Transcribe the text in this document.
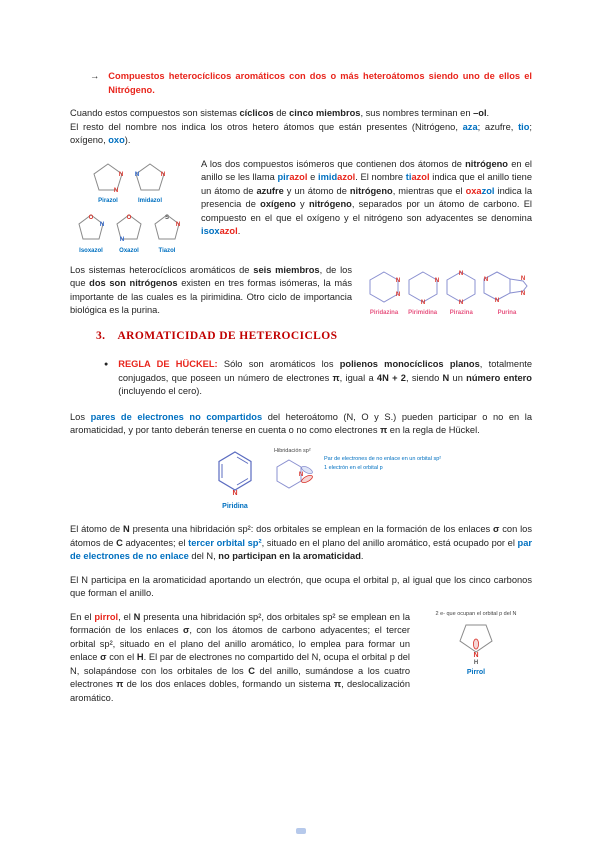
→ Compuestos heterocíclicos aromáticos con dos o más heteroátomos siendo uno de ellos el Nitrógeno.

Cuando estos compuestos son sistemas cíclicos de cinco miembros, sus nombres terminan en –ol.

El resto del nombre nos indica los otros hetero átomos que están presentes (Nitrógeno, aza; azufre, tio; oxígeno, oxo).

N
N
Pirazol
N
N
Imidazol
O
N
Isoxazol
O
N
Oxazol
S
N
Tiazol

A los dos compuestos isómeros que contienen dos átomos de nitrógeno en el anillo se les llama pirazol e imidazol. El nombre tiazol indica que el anillo tiene un átomo de azufre y un átomo de nitrógeno, mientras que el oxazol indica la presencia de oxígeno y nitrógeno, separados por un átomo de carbono. El compuesto en el que el oxígeno y el nitrógeno son adyacentes se denomina isoxazol.

Los sistemas heterocíclicos aromáticos de seis miembros, de los que dos son nitrógenos existen en tres formas isómeras, la más importante de las cuales es la pirimidina. Otro ciclo de importancia biológica es la purina.

N
N
Piridazina
N
N
Pirimidina
N
N
Pirazina
N
N
N
N
Purina
3. AROMATICIDAD DE HETEROCICLOS
● REGLA DE HÜCKEL: Sólo son aromáticos los polienos monocíclicos planos, totalmente conjugados, que poseen un número de electrones π, igual a 4N + 2, siendo N un número entero (incluyendo el cero).

Los pares de electrones no compartidos del heteroátomo (N, O y S.) pueden participar o no en la aromaticidad, y por tanto deberán tenerse en cuenta o no como electrones π en la regla de Hückel.

N
Piridina
Hibridación sp²
N
Par de electrones de no enlace en un orbital sp²
1 electrón en el orbital p

El átomo de N presenta una hibridación sp²: dos orbitales se emplean en la formación de los enlaces σ con los átomos de C adyacentes; el tercer orbital sp², situado en el plano del anillo aromático, está ocupado por el par de electrones de no enlace del N, no participan en la aromaticidad.

El N participa en la aromaticidad aportando un electrón, que ocupa el orbital p, al igual que los cinco carbonos que forman el anillo.

2 e- que ocupan el orbital p del N
N
H
Pirrol

En el pirrol, el N presenta una hibridación sp², dos orbitales sp² se emplean en la formación de los enlaces σ, con los átomos de carbono adyacentes; el tercer orbital sp², situado en el plano del anillo aromático, lo emplea para formar un enlace σ con el H. El par de electrones no compartido del N, ocupa el orbital p del N, solapándose con los orbitales de los C del anillo, sumándose a los cuatro electrones π de los dos enlaces dobles, formando un sistema π, deslocalización aromático.
